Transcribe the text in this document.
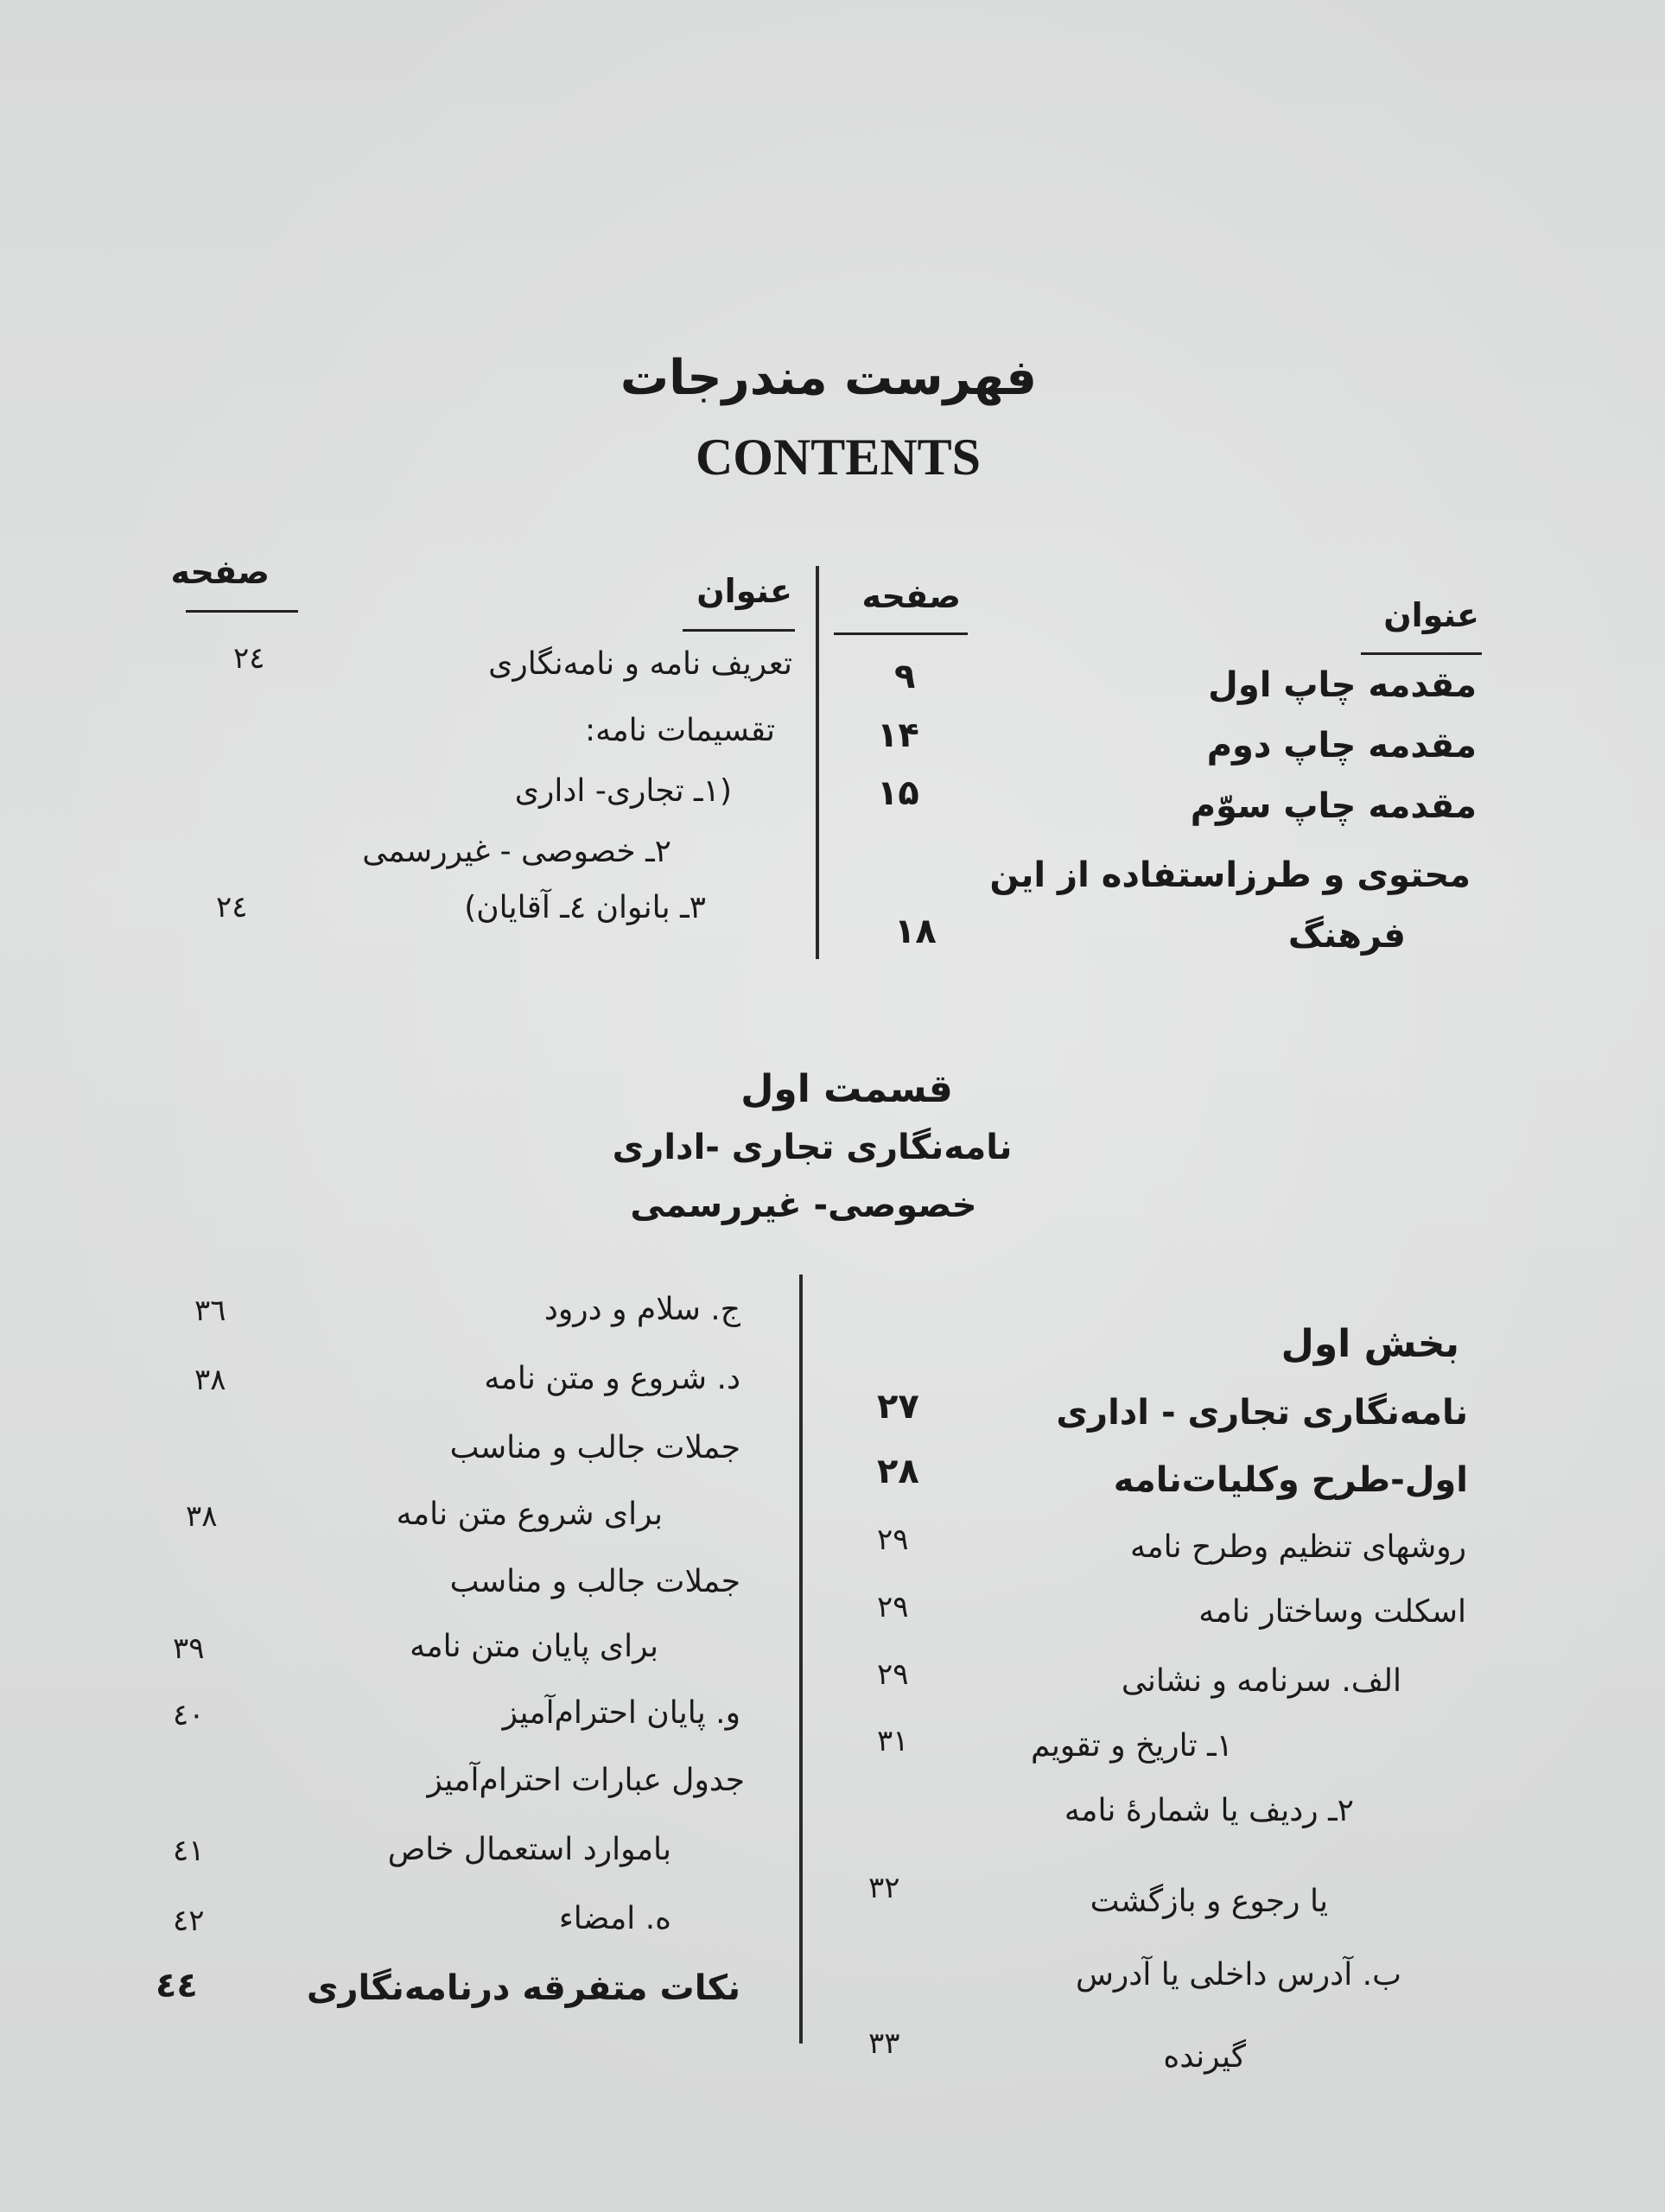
فهرست مندرجات
CONTENTS
عنوان
صفحه
عنوان
صفحه
مقدمه چاپ اول
۹
مقدمه چاپ دوم
۱۴
مقدمه چاپ سوّم
۱۵
محتوی و طرزاستفاده از این
فرهنگ
۱۸
تعریف نامه و نامه‌نگاری
۲٤
تقسیمات نامه:
(۱ـ تجاری- اداری
۲ـ خصوصی - غیررسمی
۳ـ بانوان ٤ـ آقایان)
۲٤
قسمت اول
نامه‌نگاری تجاری -اداری
خصوصی- غیررسمی
بخش اول
نامه‌نگاری تجاری - اداری
۲۷
اول-طرح وکلیات‌نامه
۲۸
روشهای تنظیم وطرح نامه
۲۹
اسکلت وساختار نامه
۲۹
الف. سرنامه و نشانی
۲۹
۱ـ تاریخ و تقویم
۳۱
۲ـ ردیف یا شمارهٔ نامه
یا رجوع و بازگشت
۳۲
ب. آدرس داخلی یا آدرس
گیرنده
۳۳
ج. سلام و درود
۳٦
د. شروع و متن نامه
۳۸
جملات جالب و مناسب
برای شروع متن نامه
۳۸
جملات جالب و مناسب
برای پایان متن نامه
۳۹
و. پایان احترام‌آمیز
٤۰
جدول عبارات احترام‌آمیز
باموارد استعمال خاص
٤۱
ه. امضاء
٤۲
نکات متفرقه درنامه‌نگاری
٤٤
